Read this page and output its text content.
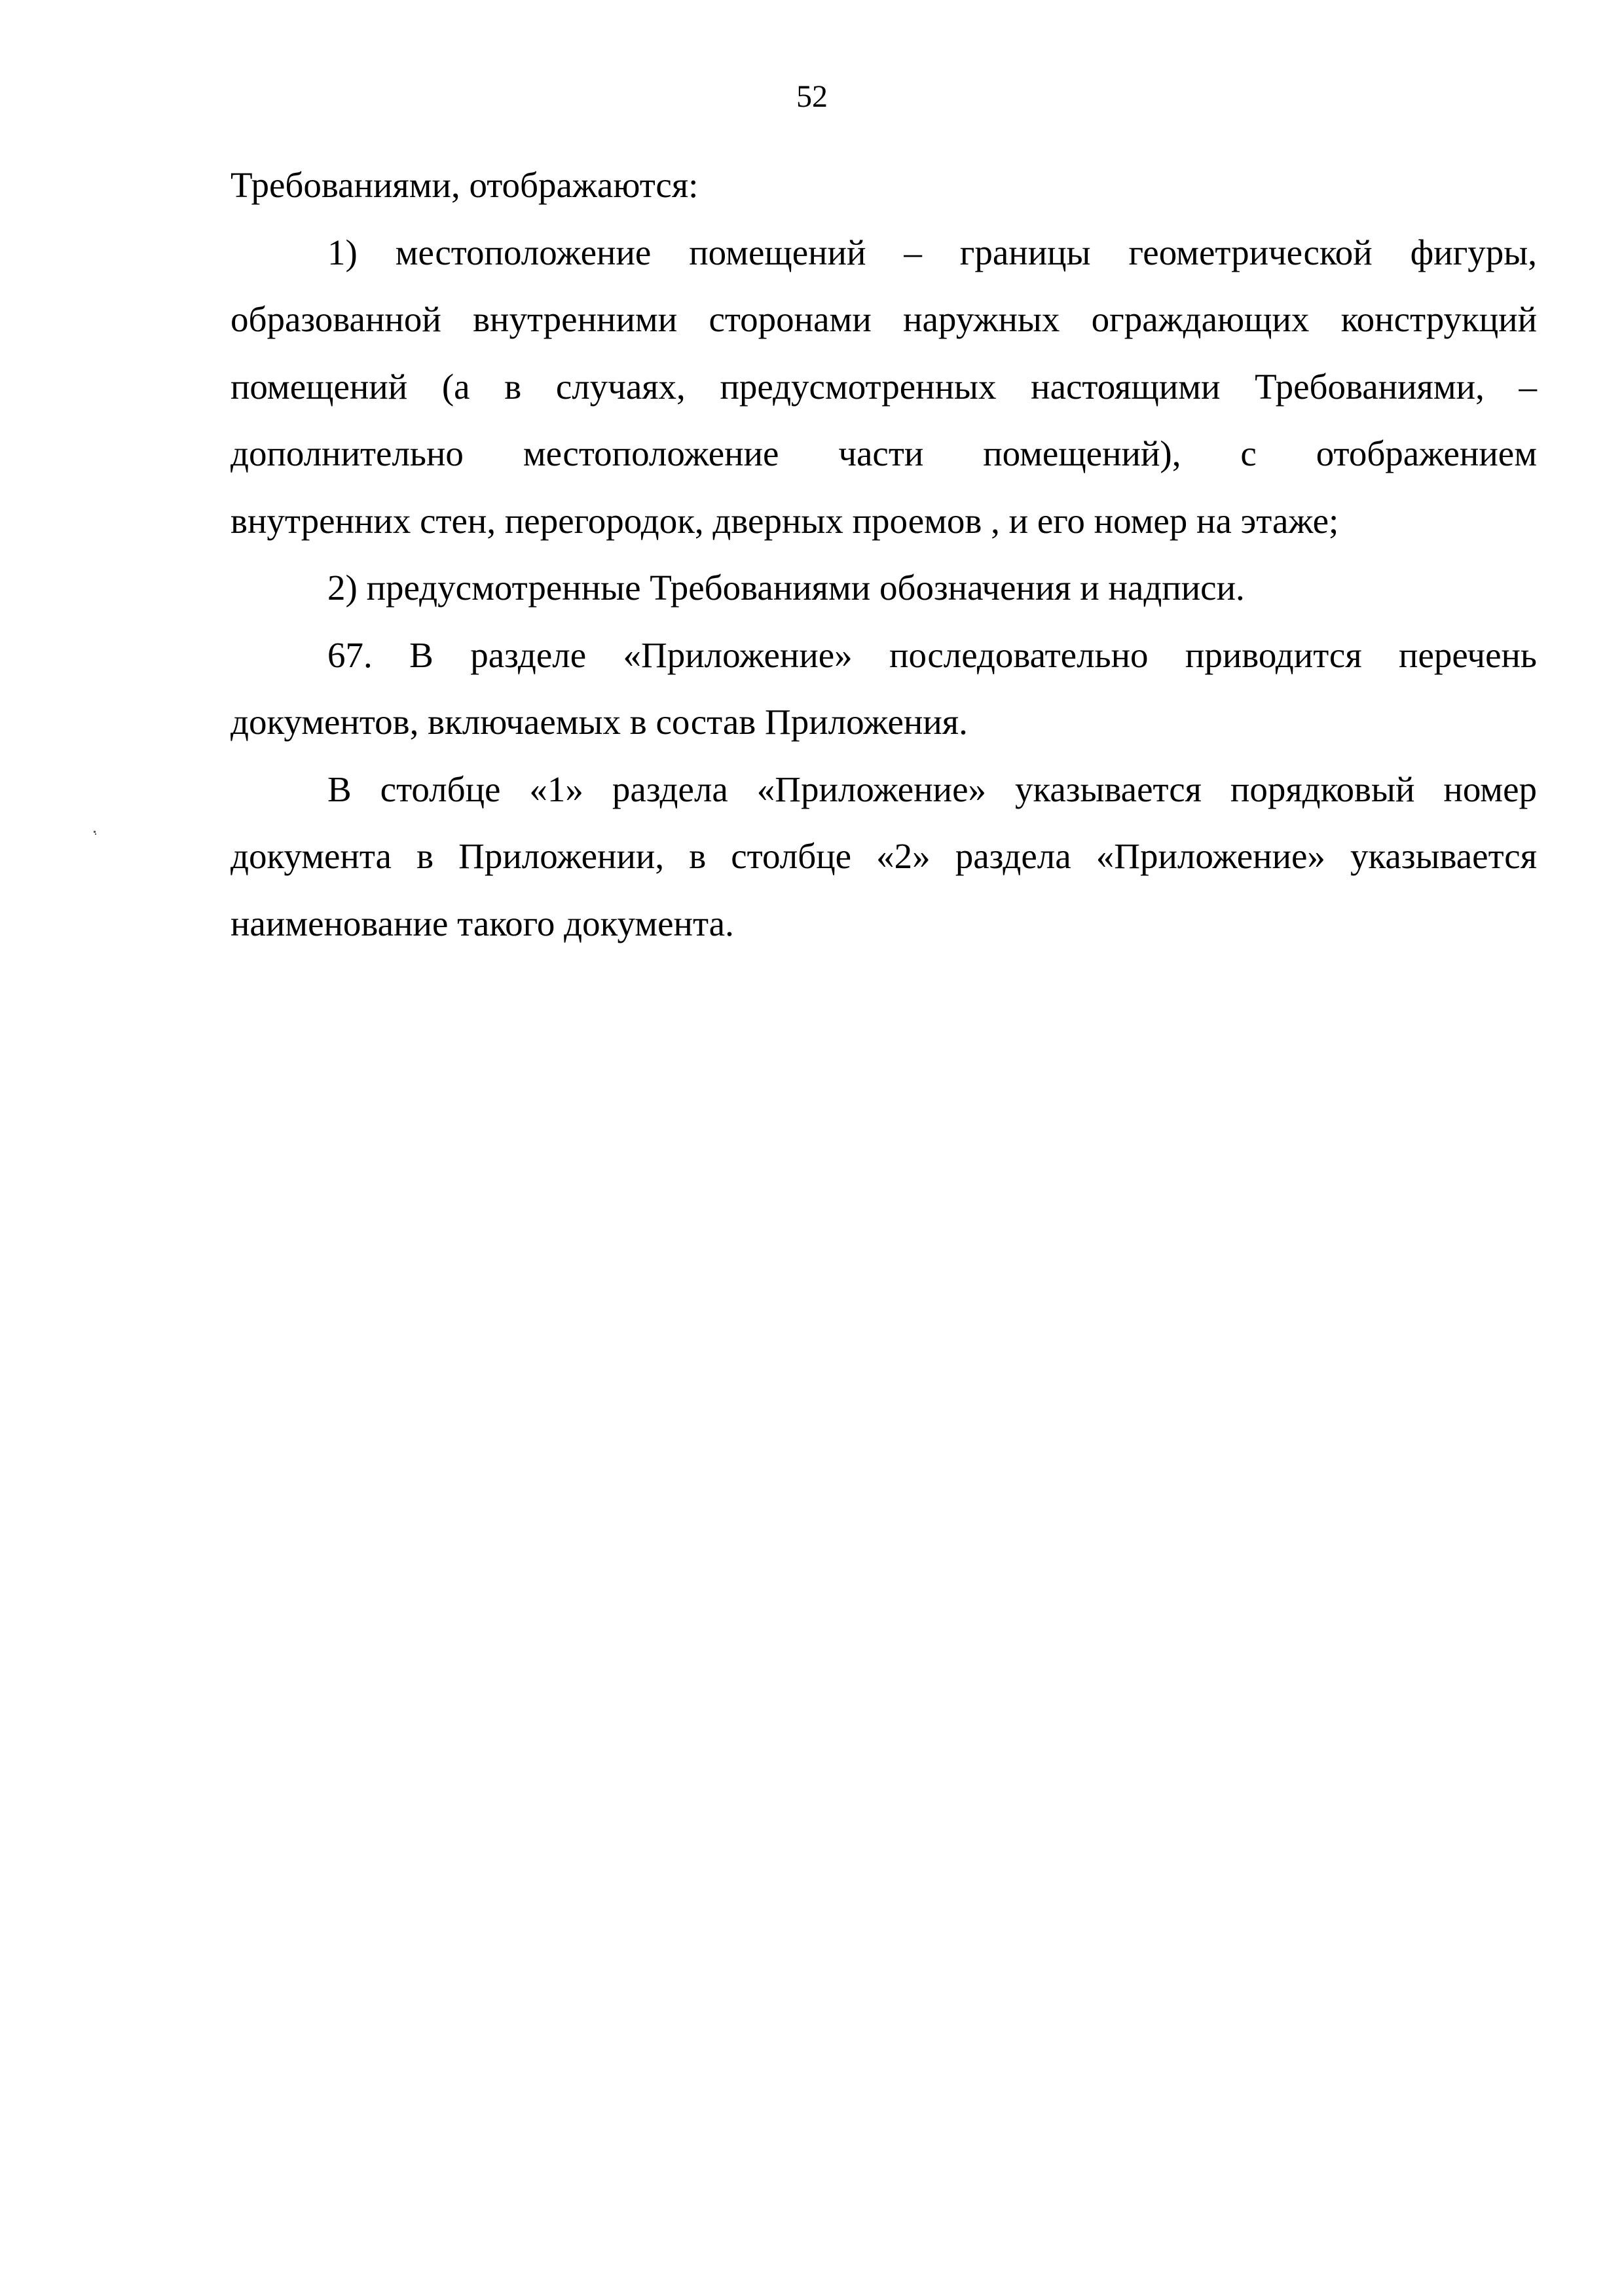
52
Требованиями, отображаются:
1) местоположение помещений – границы геометрической фигуры,
образованной внутренними сторонами наружных ограждающих конструкций
помещений (а в случаях, предусмотренных настоящими Требованиями, –
дополнительно местоположение части помещений), с отображением
внутренних стен, перегородок, дверных проемов , и его номер на этаже;
2) предусмотренные Требованиями обозначения и надписи.
67. В разделе «Приложение» последовательно приводится перечень
документов, включаемых в состав Приложения.
В столбце «1» раздела «Приложение» указывается порядковый номер
документа в Приложении, в столбце «2» раздела «Приложение» указывается
наименование такого документа.
